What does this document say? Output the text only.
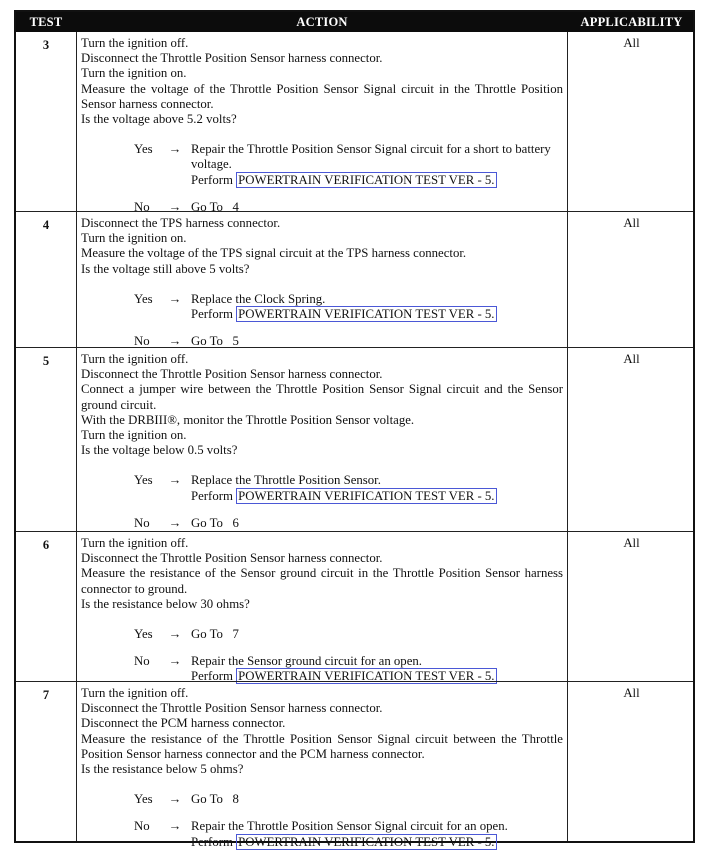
TEST	ACTION	APPLICABILITY
3	Turn the ignition off.
Disconnect the Throttle Position Sensor harness connector.
Turn the ignition on.
Measure the voltage of the Throttle Position Sensor Signal circuit in the Throttle Position Sensor harness connector.
Is the voltage above 5.2 volts?
Yes	→ Repair the Throttle Position Sensor Signal circuit for a short to battery voltage.
Perform POWERTRAIN VERIFICATION TEST VER - 5.
No	→ Go To   4
All
4	Disconnect the TPS harness connector.
Turn the ignition on.
Measure the voltage of the TPS signal circuit at the TPS harness connector.
Is the voltage still above 5 volts?
Yes	→ Replace the Clock Spring.
Perform POWERTRAIN VERIFICATION TEST VER - 5.
No	→ Go To   5
All
5	Turn the ignition off.
Disconnect the Throttle Position Sensor harness connector.
Connect a jumper wire between the Throttle Position Sensor Signal circuit and the Sensor ground circuit.
With the DRBIII®, monitor the Throttle Position Sensor voltage.
Turn the ignition on.
Is the voltage below 0.5 volts?
Yes	→ Replace the Throttle Position Sensor.
Perform POWERTRAIN VERIFICATION TEST VER - 5.
No	→ Go To   6
All
6	Turn the ignition off.
Disconnect the Throttle Position Sensor harness connector.
Measure the resistance of the Sensor ground circuit in the Throttle Position Sensor harness connector to ground.
Is the resistance below 30 ohms?
Yes	→ Go To   7
No	→ Repair the Sensor ground circuit for an open.
Perform POWERTRAIN VERIFICATION TEST VER - 5.
All
7	Turn the ignition off.
Disconnect the Throttle Position Sensor harness connector.
Disconnect the PCM harness connector.
Measure the resistance of the Throttle Position Sensor Signal circuit between the Throttle Position Sensor harness connector and the PCM harness connector.
Is the resistance below 5 ohms?
Yes	→ Go To   8
No	→ Repair the Throttle Position Sensor Signal circuit for an open.
Perform POWERTRAIN VERIFICATION TEST VER - 5.
All
